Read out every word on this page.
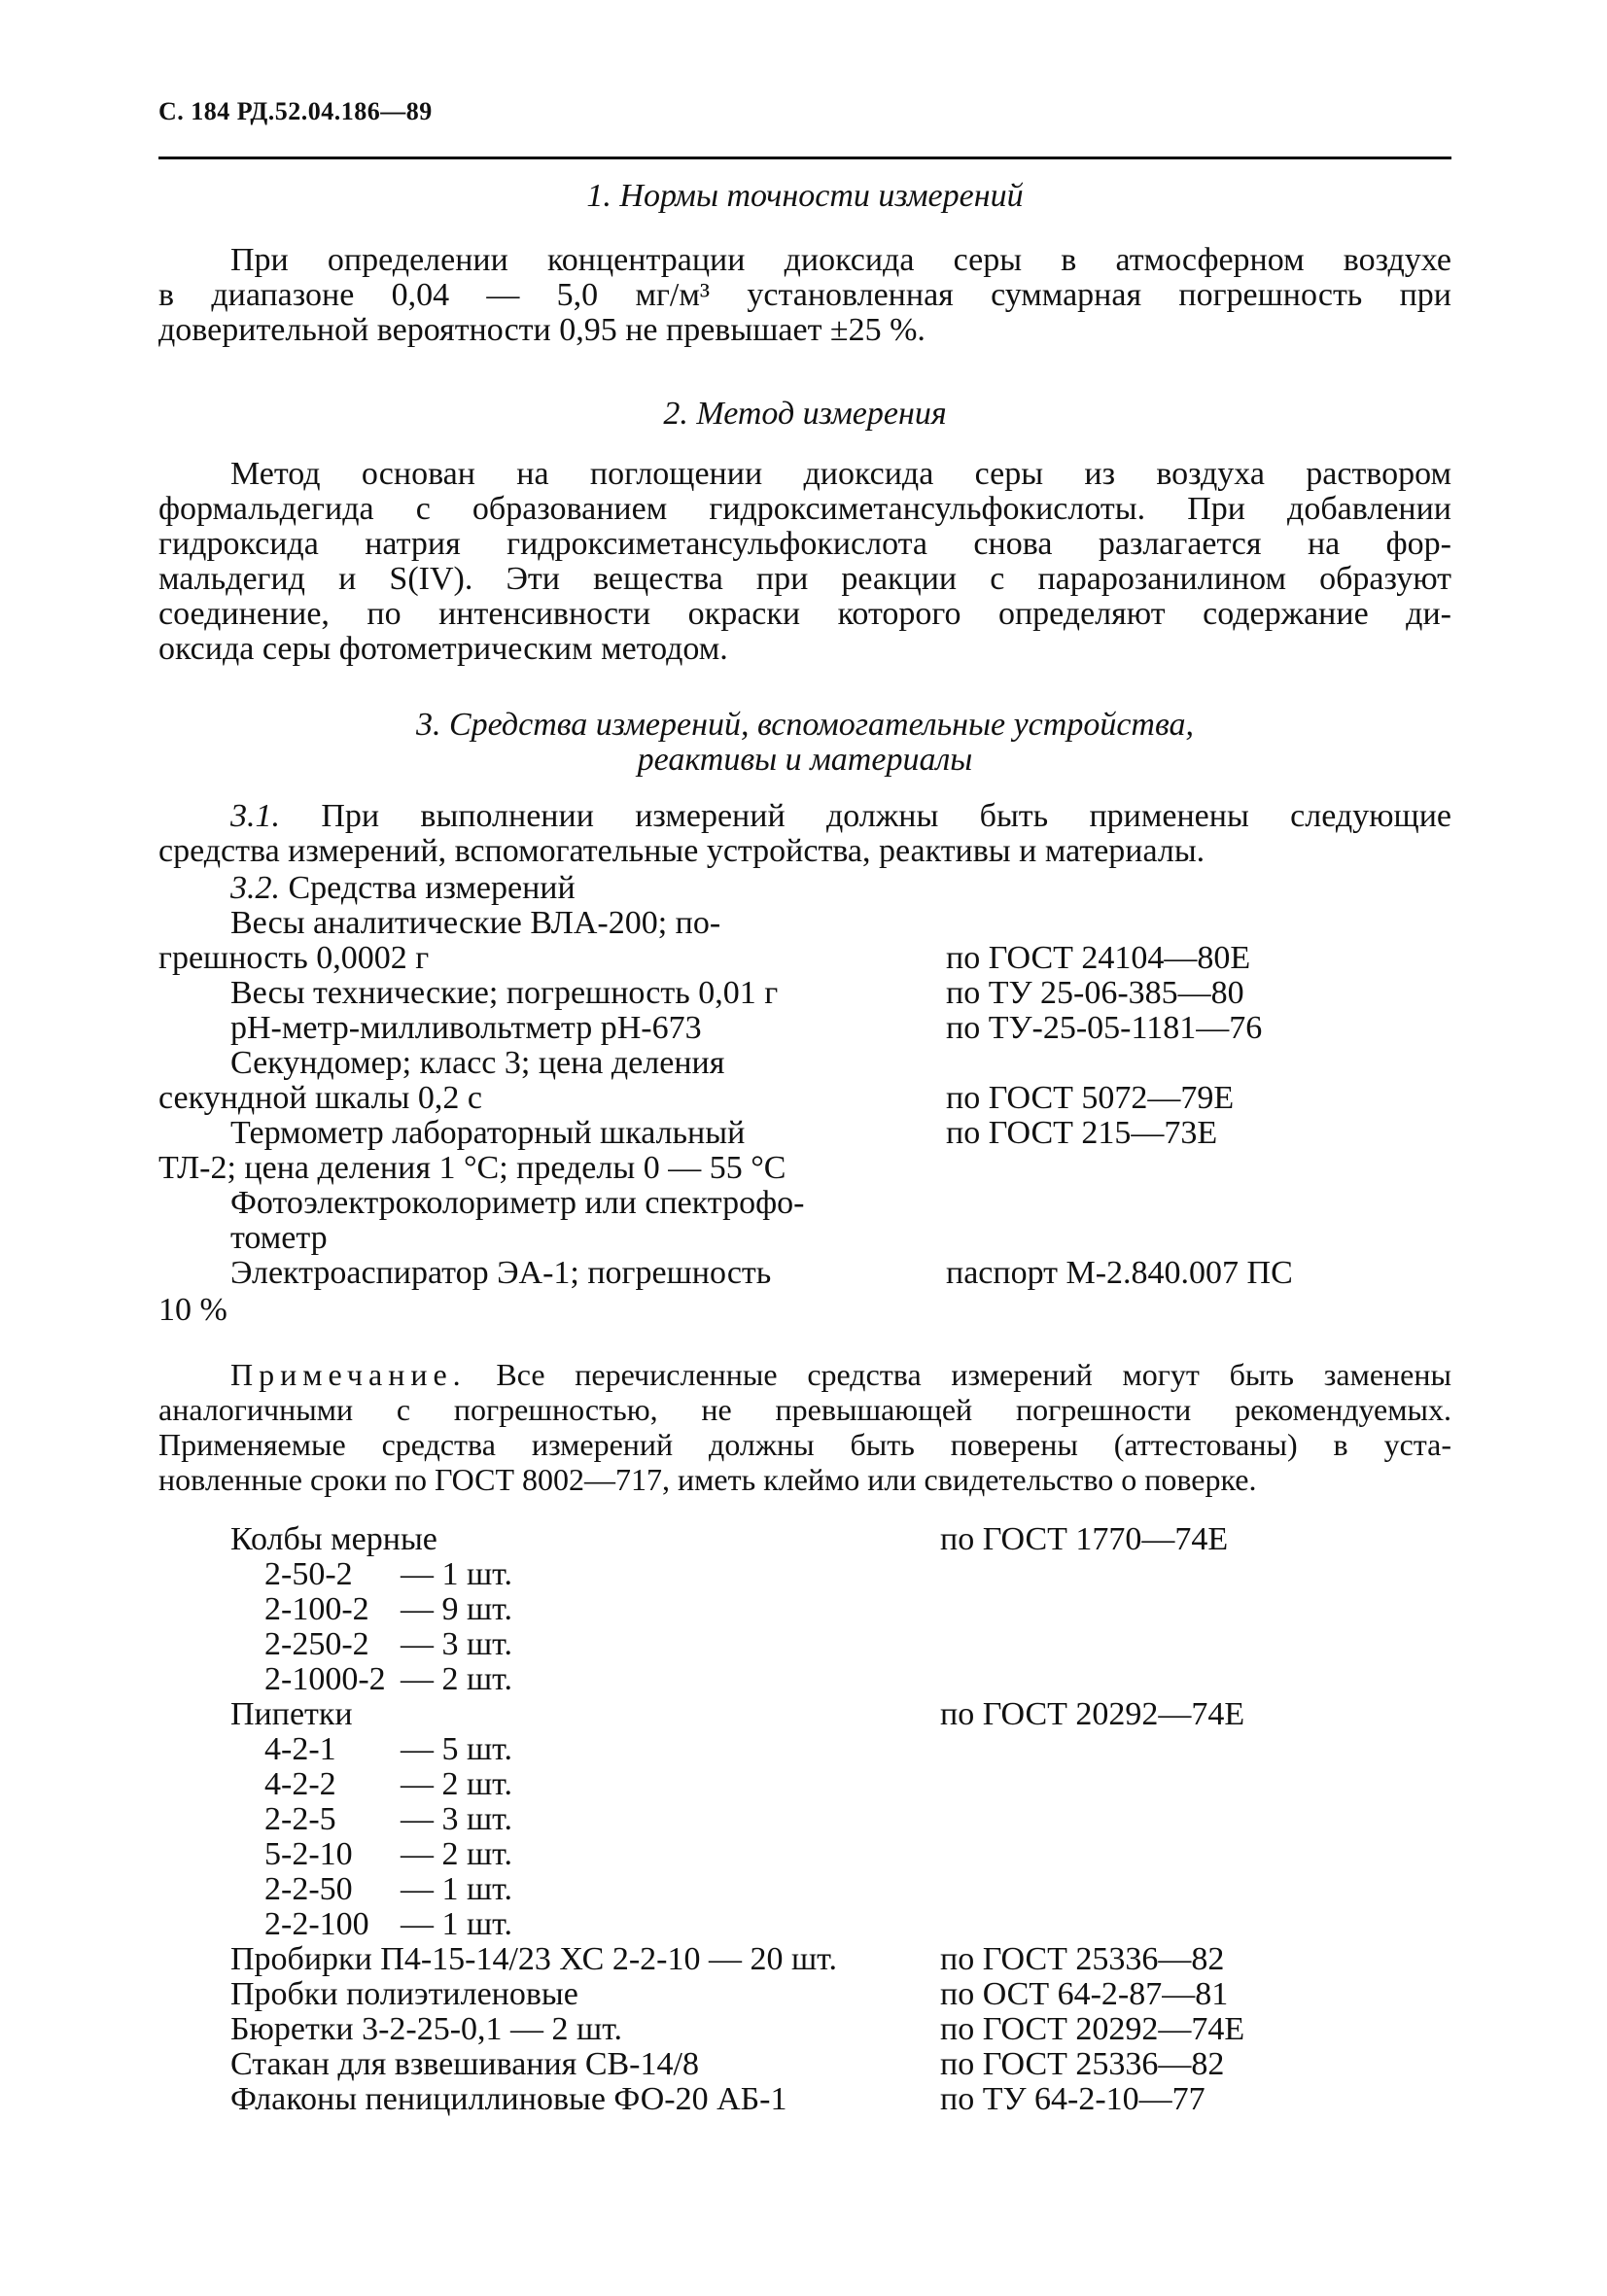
С. 184 РД.52.04.186—89
1. Нормы точности измерений
При определении концентрации диоксида серы в атмосферном воздухе
в диапазоне 0,04 — 5,0 мг/м³ установленная суммарная погрешность при
доверительной вероятности 0,95 не превышает ±25 %.
2. Метод измерения
Метод основан на поглощении диоксида серы из воздуха раствором
формальдегида с образованием гидроксиметансульфокислоты. При добавлении
гидроксида натрия гидроксиметансульфокислота снова разлагается на фор-
мальдегид и S(IV). Эти вещества при реакции с парарозанилином образуют
соединение, по интенсивности окраски которого определяют содержание ди-
оксида серы фотометрическим методом.
3. Средства измерений, вспомогательные устройства,
реактивы и материалы
3.1. При выполнении измерений должны быть применены следующие
средства измерений, вспомогательные устройства, реактивы и материалы.
3.2. Средства измерений
Весы аналитические ВЛА-200; по-
грешность 0,0002 г	по ГОСТ 24104—80Е
Весы технические; погрешность 0,01 г	по ТУ 25-06-385—80
рН-метр-милливольтметр рН-673	по ТУ-25-05-1181—76
Секундомер; класс 3; цена деления
секундной шкалы 0,2 с	по ГОСТ 5072—79Е
Термометр лабораторный шкальный	по ГОСТ 215—73Е
ТЛ-2; цена деления 1 °С; пределы 0 — 55 °С
Фотоэлектроколориметр или спектрофо-
тометр
Электроаспиратор ЭА-1; погрешность	паспорт М-2.840.007 ПС
10 %
Примечание. Все перечисленные средства измерений могут быть заменены
аналогичными с погрешностью, не превышающей погрешности рекомендуемых.
Применяемые средства измерений должны быть поверены (аттестованы) в уста-
новленные сроки по ГОСТ 8002—717, иметь клеймо или свидетельство о поверке.
Колбы мерные	по ГОСТ 1770—74Е
2-50-2 — 1 шт.
2-100-2 — 9 шт.
2-250-2 — 3 шт.
2-1000-2 — 2 шт.
Пипетки	по ГОСТ 20292—74Е
4-2-1 — 5 шт.
4-2-2 — 2 шт.
2-2-5 — 3 шт.
5-2-10 — 2 шт.
2-2-50 — 1 шт.
2-2-100 — 1 шт.
Пробирки П4-15-14/23 ХС 2-2-10 — 20 шт.	по ГОСТ 25336—82
Пробки полиэтиленовые	по ОСТ 64-2-87—81
Бюретки 3-2-25-0,1 — 2 шт.	по ГОСТ 20292—74Е
Стакан для взвешивания СВ-14/8	по ГОСТ 25336—82
Флаконы пенициллиновые ФО-20 АБ-1	по ТУ 64-2-10—77
